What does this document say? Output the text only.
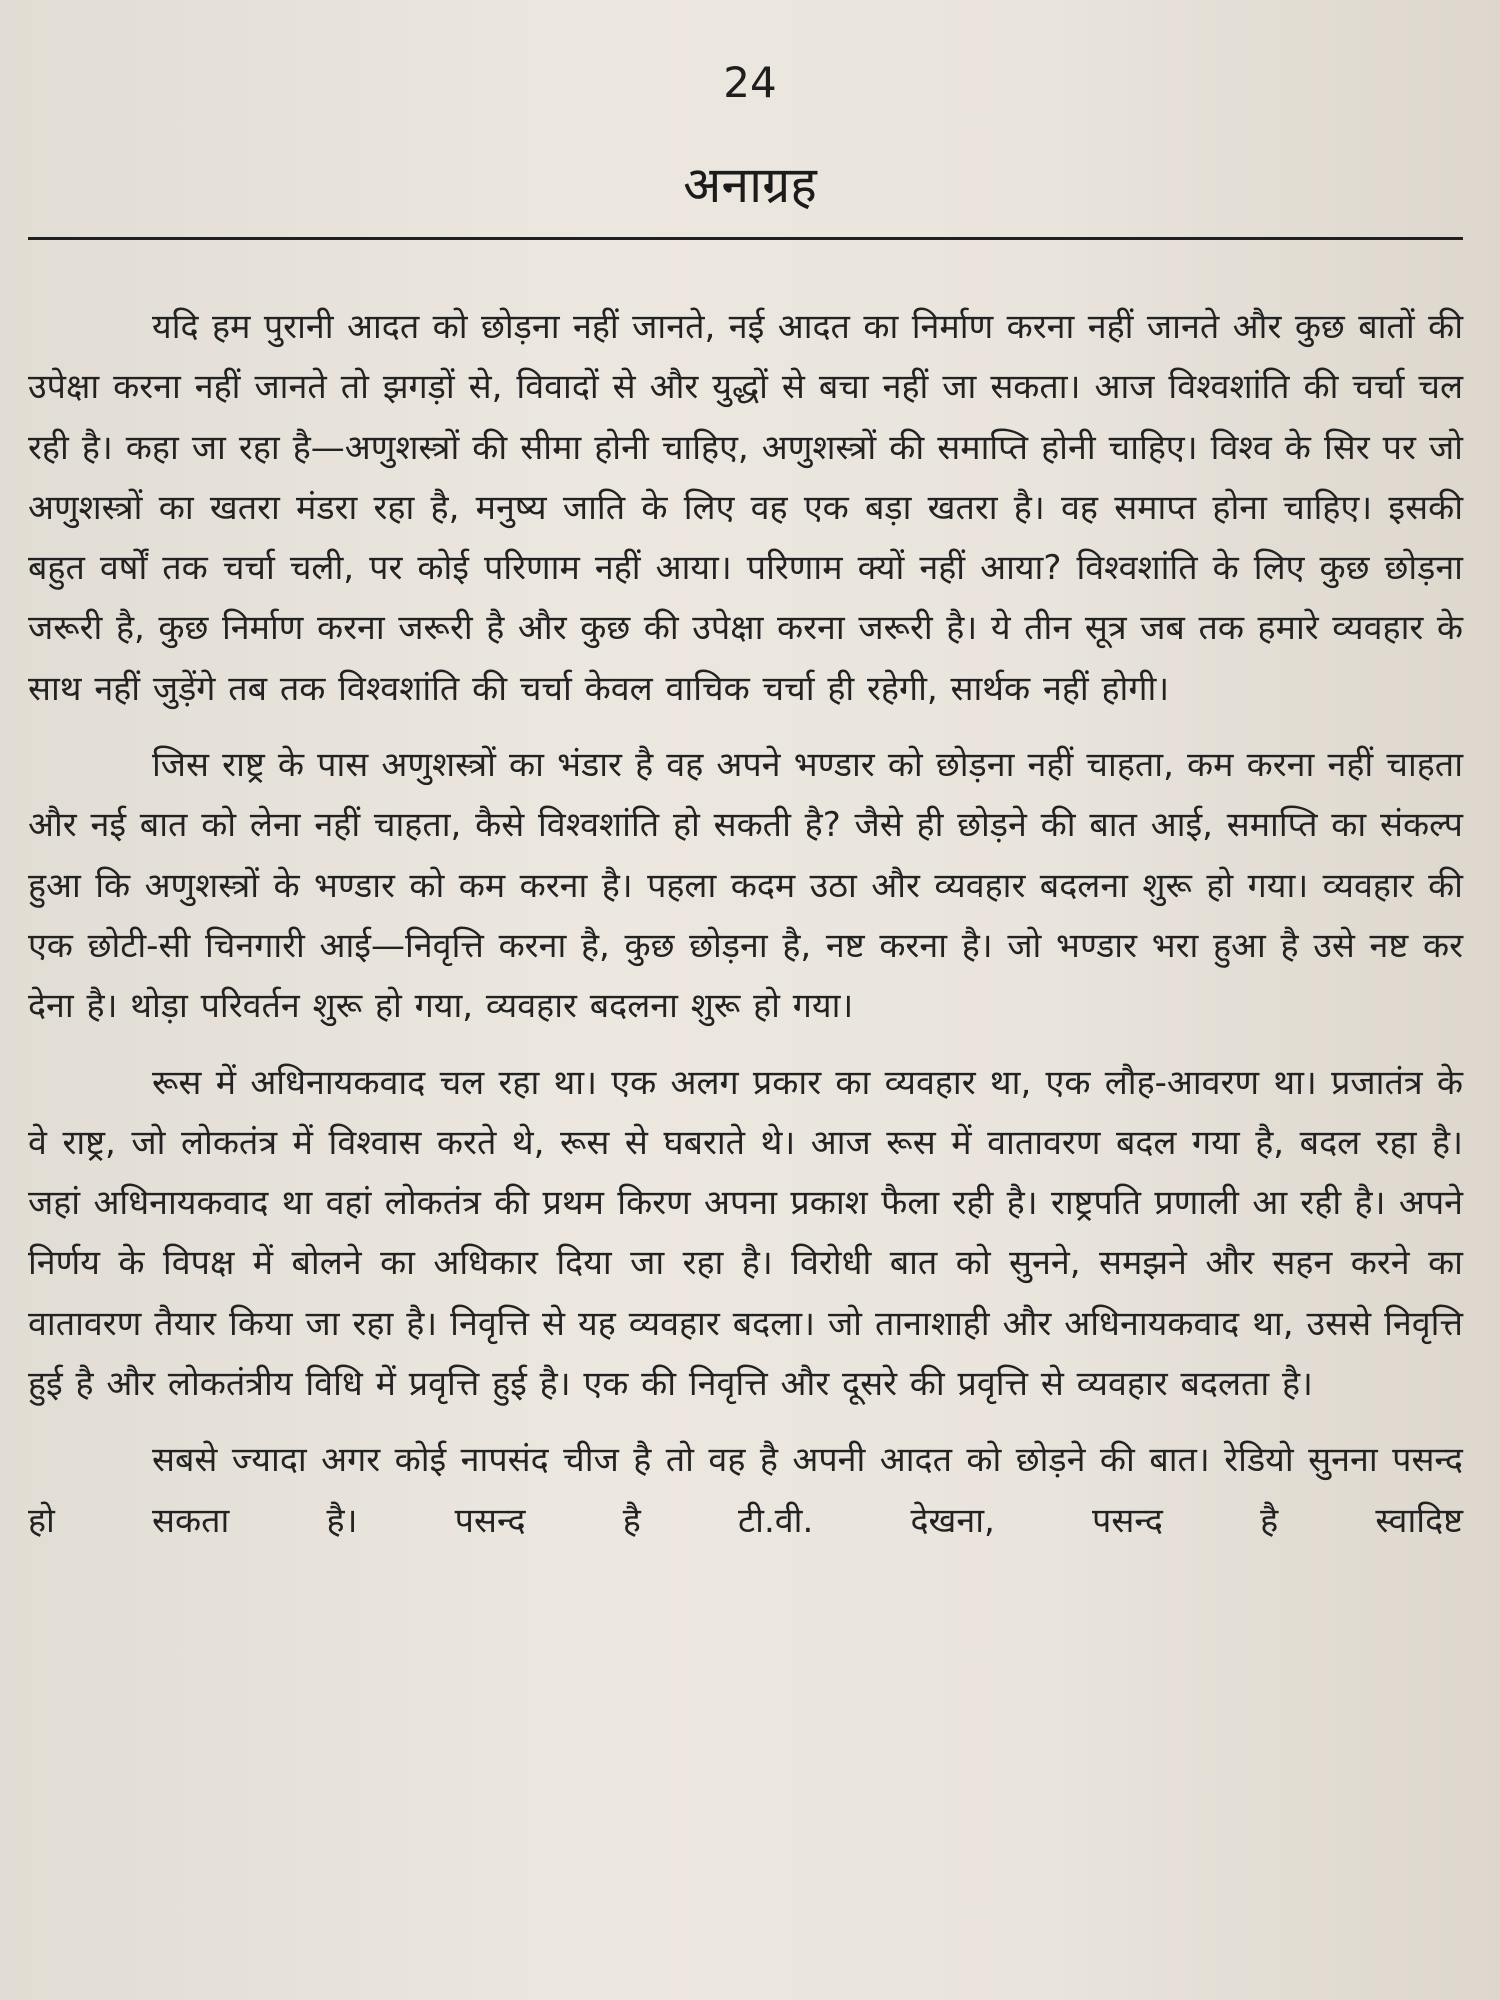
24
अनाग्रह

यदि हम पुरानी आदत को छोड़ना नहीं जानते, नई आदत का निर्माण करना नहीं जानते और कुछ बातों की उपेक्षा करना नहीं जानते तो झगड़ों से, विवादों से और युद्धों से बचा नहीं जा सकता। आज विश्वशांति की चर्चा चल रही है। कहा जा रहा है—अणुशस्त्रों की सीमा होनी चाहिए, अणुशस्त्रों की समाप्ति होनी चाहिए। विश्व के सिर पर जो अणुशस्त्रों का खतरा मंडरा रहा है, मनुष्य जाति के लिए वह एक बड़ा खतरा है। वह समाप्त होना चाहिए। इसकी बहुत वर्षों तक चर्चा चली, पर कोई परिणाम नहीं आया। परिणाम क्यों नहीं आया? विश्वशांति के लिए कुछ छोड़ना जरूरी है, कुछ निर्माण करना जरूरी है और कुछ की उपेक्षा करना जरूरी है। ये तीन सूत्र जब तक हमारे व्यवहार के साथ नहीं जुड़ेंगे तब तक विश्वशांति की चर्चा केवल वाचिक चर्चा ही रहेगी, सार्थक नहीं होगी।

जिस राष्ट्र के पास अणुशस्त्रों का भंडार है वह अपने भण्डार को छोड़ना नहीं चाहता, कम करना नहीं चाहता और नई बात को लेना नहीं चाहता, कैसे विश्वशांति हो सकती है? जैसे ही छोड़ने की बात आई, समाप्ति का संकल्प हुआ कि अणुशस्त्रों के भण्डार को कम करना है। पहला कदम उठा और व्यवहार बदलना शुरू हो गया। व्यवहार की एक छोटी-सी चिनगारी आई—निवृत्ति करना है, कुछ छोड़ना है, नष्ट करना है। जो भण्डार भरा हुआ है उसे नष्ट कर देना है। थोड़ा परिवर्तन शुरू हो गया, व्यवहार बदलना शुरू हो गया।

रूस में अधिनायकवाद चल रहा था। एक अलग प्रकार का व्यवहार था, एक लौह-आवरण था। प्रजातंत्र के वे राष्ट्र, जो लोकतंत्र में विश्वास करते थे, रूस से घबराते थे। आज रूस में वातावरण बदल गया है, बदल रहा है। जहां अधिनायकवाद था वहां लोकतंत्र की प्रथम किरण अपना प्रकाश फैला रही है। राष्ट्रपति प्रणाली आ रही है। अपने निर्णय के विपक्ष में बोलने का अधिकार दिया जा रहा है। विरोधी बात को सुनने, समझने और सहन करने का वातावरण तैयार किया जा रहा है। निवृत्ति से यह व्यवहार बदला। जो तानाशाही और अधिनायकवाद था, उससे निवृत्ति हुई है और लोकतंत्रीय विधि में प्रवृत्ति हुई है। एक की निवृत्ति और दूसरे की प्रवृत्ति से व्यवहार बदलता है।

सबसे ज्यादा अगर कोई नापसंद चीज है तो वह है अपनी आदत को छोड़ने की बात। रेडियो सुनना पसन्द हो सकता है। पसन्द है टी.वी. देखना, पसन्द है स्वादिष्ट
